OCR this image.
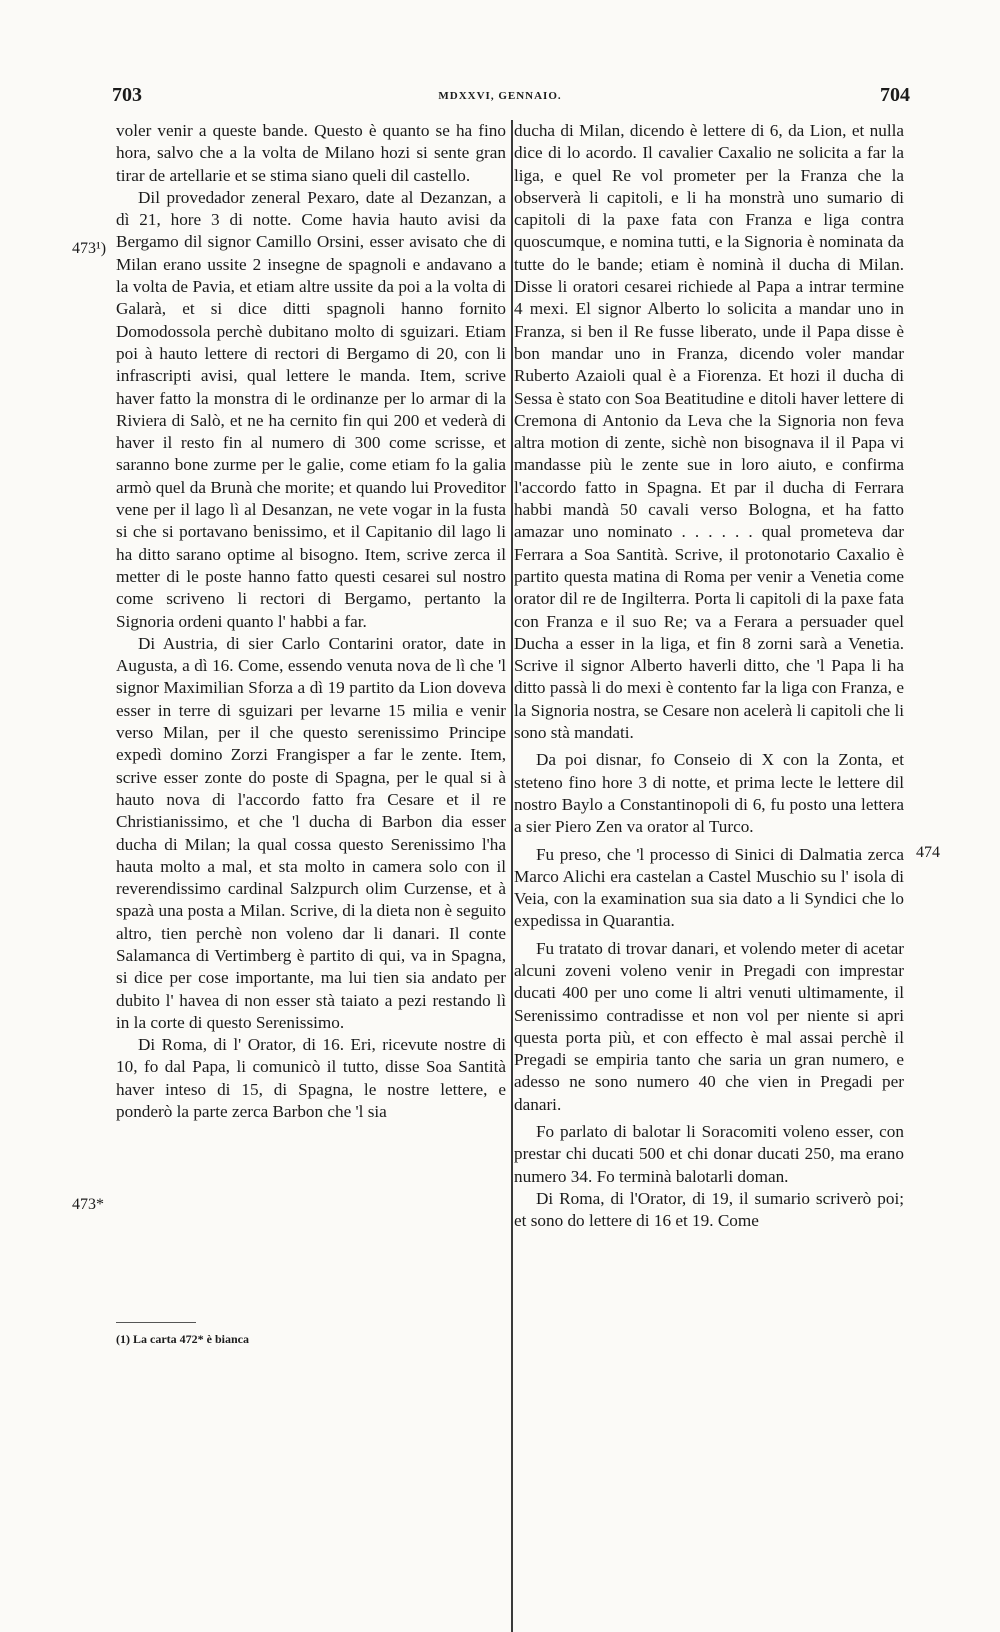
703	MDXXVI, GENNAIO.	704
473¹)
473*
474

voler venir a queste bande. Questo è quanto se ha fino hora, salvo che a la volta de Milano hozi si sente gran tirar de artellarie et se stima siano queli dil castello.

Dil provedador zeneral Pexaro, date al Dezanzan, a dì 21, hore 3 di notte. Come havia hauto avisi da Bergamo dil signor Camillo Orsini, esser avisato che di Milan erano ussite 2 insegne de spagnoli e andavano a la volta de Pavia, et etiam altre ussite da poi a la volta di Galarà, et si dice ditti spagnoli hanno fornito Domodossola perchè dubitano molto di sguizari. Etiam poi à hauto lettere di rectori di Bergamo di 20, con li infrascripti avisi, qual lettere le manda. Item, scrive haver fatto la monstra di le ordinanze per lo armar di la Riviera di Salò, et ne ha cernito fin qui 200 et vederà di haver il resto fin al numero di 300 come scrisse, et saranno bone zurme per le galie, come etiam fo la galia armò quel da Brunà che morite; et quando lui Proveditor vene per il lago lì al Desanzan, ne vete vogar in la fusta si che si portavano benissimo, et il Capitanio dil lago li ha ditto sarano optime al bisogno. Item, scrive zerca il metter di le poste hanno fatto questi cesarei sul nostro come scriveno li rectori di Bergamo, pertanto la Signoria ordeni quanto l' habbi a far.

Di Austria, di sier Carlo Contarini orator, date in Augusta, a dì 16. Come, essendo venuta nova de lì che 'l signor Maximilian Sforza a dì 19 partito da Lion doveva esser in terre di sguizari per levarne 15 milia e venir verso Milan, per il che questo serenissimo Principe expedì domino Zorzi Frangisper a far le zente. Item, scrive esser zonte do poste di Spagna, per le qual si à hauto nova di l'accordo fatto fra Cesare et il re Christianissimo, et che 'l ducha di Barbon dia esser ducha di Milan; la qual cossa questo Serenissimo l'ha hauta molto a mal, et sta molto in camera solo con il reverendissimo cardinal Salzpurch olim Curzense, et à spazà una posta a Milan. Scrive, di la dieta non è seguito altro, tien perchè non voleno dar li danari. Il conte Salamanca di Vertimberg è partito di qui, va in Spagna, si dice per cose importante, ma lui tien sia andato per dubito l' havea di non esser stà taiato a pezi restando lì in la corte di questo Serenissimo.

Di Roma, di l' Orator, di 16. Eri, ricevute nostre di 10, fo dal Papa, li comunicò il tutto, disse Soa Santità haver inteso di 15, di Spagna, le nostre lettere, e ponderò la parte zerca Barbon che 'l sia

ducha di Milan, dicendo è lettere di 6, da Lion, et nulla dice di lo acordo. Il cavalier Caxalio ne solicita a far la liga, e quel Re vol prometer per la Franza che la observerà li capitoli, e li ha monstrà uno sumario di capitoli di la paxe fata con Franza e liga contra quoscumque, e nomina tutti, e la Signoria è nominata da tutte do le bande; etiam è nominà il ducha di Milan. Disse li oratori cesarei richiede al Papa a intrar termine 4 mexi. El signor Alberto lo solicita a mandar uno in Franza, si ben il Re fusse liberato, unde il Papa disse è bon mandar uno in Franza, dicendo voler mandar Ruberto Azaioli qual è a Fiorenza. Et hozi il ducha di Sessa è stato con Soa Beatitudine e ditoli haver lettere di Cremona di Antonio da Leva che la Signoria non feva altra motion di zente, sichè non bisognava il il Papa vi mandasse più le zente sue in loro aiuto, e confirma l'accordo fatto in Spagna. Et par il ducha di Ferrara habbi mandà 50 cavali verso Bologna, et ha fatto amazar uno nominato . . . . . . qual prometeva dar Ferrara a Soa Santità. Scrive, il protonotario Caxalio è partito questa matina di Roma per venir a Venetia come orator dil re de Ingilterra. Porta li capitoli di la paxe fata con Franza e il suo Re; va a Ferara a persuader quel Ducha a esser in la liga, et fin 8 zorni sarà a Venetia. Scrive il signor Alberto haverli ditto, che 'l Papa li ha ditto passà li do mexi è contento far la liga con Franza, e la Signoria nostra, se Cesare non acelerà li capitoli che li sono stà mandati.

Da poi disnar, fo Conseio di X con la Zonta, et steteno fino hore 3 di notte, et prima lecte le lettere dil nostro Baylo a Constantinopoli di 6, fu posto una lettera a sier Piero Zen va orator al Turco.

Fu preso, che 'l processo di Sinici di Dalmatia zerca Marco Alichi era castelan a Castel Muschio su l' isola di Veia, con la examination sua sia dato a li Syndici che lo expedissa in Quarantia.

Fu tratato di trovar danari, et volendo meter di acetar alcuni zoveni voleno venir in Pregadi con imprestar ducati 400 per uno come li altri venuti ultimamente, il Serenissimo contradisse et non vol per niente si apri questa porta più, et con effecto è mal assai perchè il Pregadi se empiria tanto che saria un gran numero, e adesso ne sono numero 40 che vien in Pregadi per danari.

Fo parlato di balotar li Soracomiti voleno esser, con prestar chi ducati 500 et chi donar ducati 250, ma erano numero 34. Fo terminà balotarli doman.

Di Roma, di l'Orator, di 19, il sumario scriverò poi; et sono do lettere di 16 et 19. Come

(1) La carta 472* è bianca
